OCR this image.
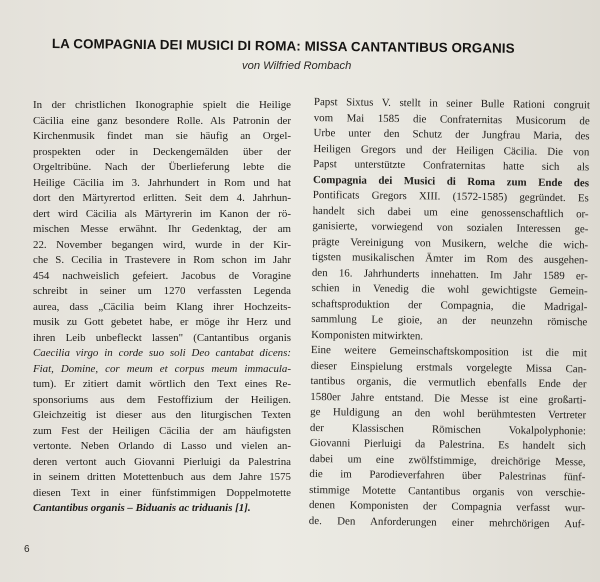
LA COMPAGNIA DEI MUSICI DI ROMA: MISSA CANTANTIBUS ORGANIS
von Wilfried Rombach
In der christlichen Ikonographie spielt die Heilige
Cäcilia eine ganz besondere Rolle. Als Patronin der
Kirchenmusik findet man sie häufig an Orgel-
prospekten oder in Deckengemälden über der
Orgeltribüne. Nach der Überlieferung lebte die
Heilige Cäcilia im 3. Jahrhundert in Rom und hat
dort den Märtyrertod erlitten. Seit dem 4. Jahrhun-
dert wird Cäcilia als Märtyrerin im Kanon der rö-
mischen Messe erwähnt. Ihr Gedenktag, der am
22. November begangen wird, wurde in der Kir-
che S. Cecilia in Trastevere in Rom schon im Jahr
454 nachweislich gefeiert. Jacobus de Voragine
schreibt in seiner um 1270 verfassten Legenda
aurea, dass „Cäcilia beim Klang ihrer Hochzeits-
musik zu Gott gebetet habe, er möge ihr Herz und
ihren Leib unbefleckt lassen" (Cantantibus organis
Caecilia virgo in corde suo soli Deo cantabat dicens:
Fiat, Domine, cor meum et corpus meum immacula-
tum). Er zitiert damit wörtlich den Text eines Re-
sponsoriums aus dem Festoffizium der Heiligen.
Gleichzeitig ist dieser aus den liturgischen Texten
zum Fest der Heiligen Cäcilia der am häufigsten
vertonte. Neben Orlando di Lasso und vielen an-
deren vertont auch Giovanni Pierluigi da Palestrina
in seinem dritten Motettenbuch aus dem Jahre 1575
diesen Text in einer fünfstimmigen Doppelmotette
Cantantibus organis – Biduanis ac triduanis [1].
Papst Sixtus V. stellt in seiner Bulle Rationi congruit
vom Mai 1585 die Confraternitas Musicorum de
Urbe unter den Schutz der Jungfrau Maria, des
Heiligen Gregors und der Heiligen Cäcilia. Die von
Papst unterstützte Confraternitas hatte sich als
Compagnia dei Musici di Roma zum Ende des
Pontificats Gregors XIII. (1572-1585) gegründet. Es
handelt sich dabei um eine genossenschaftlich or-
ganisierte, vorwiegend von sozialen Interessen ge-
prägte Vereinigung von Musikern, welche die wich-
tigsten musikalischen Ämter im Rom des ausgehen-
den 16. Jahrhunderts innehatten. Im Jahr 1589 er-
schien in Venedig die wohl gewichtigste Gemein-
schaftsproduktion der Compagnia, die Madrigal-
sammlung Le gioie, an der neunzehn römische
Komponisten mitwirkten.
Eine weitere Gemeinschaftskomposition ist die mit
dieser Einspielung erstmals vorgelegte Missa Can-
tantibus organis, die vermutlich ebenfalls Ende der
1580er Jahre entstand. Die Messe ist eine großarti-
ge Huldigung an den wohl berühmtesten Vertreter
der Klassischen Römischen Vokalpolyphonie:
Giovanni Pierluigi da Palestrina. Es handelt sich
dabei um eine zwölfstimmige, dreichörige Messe,
die im Parodieverfahren über Palestrinas fünf-
stimmige Motette Cantantibus organis von verschie-
denen Komponisten der Compagnia verfasst wur-
de. Den Anforderungen einer mehrchörigen Auf-
6
